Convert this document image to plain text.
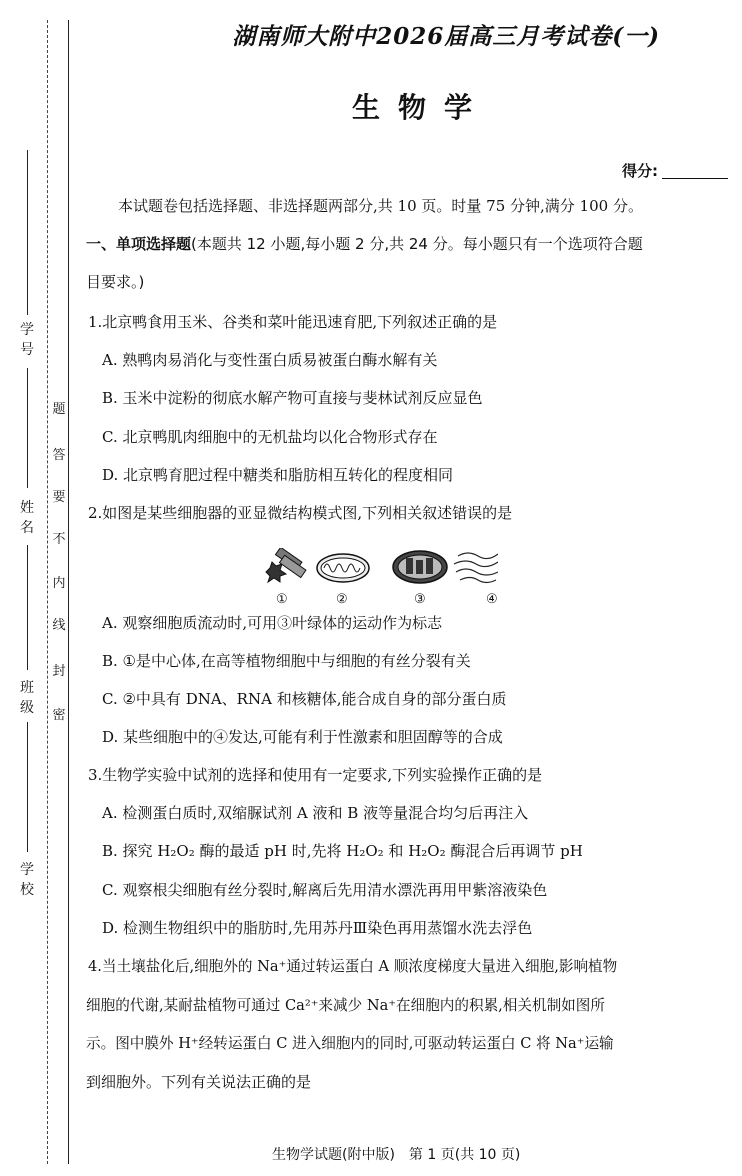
学号
姓名
班级
学校
题
答
要
不
内
线
封
密
湖南师大附中2026届高三月考试卷(一)
生物学
得分:
本试题卷包括选择题、非选择题两部分,共 10 页。时量 75 分钟,满分 100 分。
一、单项选择题(本题共 12 小题,每小题 2 分,共 24 分。每小题只有一个选项符合题
目要求。)
1.北京鸭食用玉米、谷类和菜叶能迅速育肥,下列叙述正确的是
A. 熟鸭肉易消化与变性蛋白质易被蛋白酶水解有关
B. 玉米中淀粉的彻底水解产物可直接与斐林试剂反应显色
C. 北京鸭肌肉细胞中的无机盐均以化合物形式存在
D. 北京鸭育肥过程中糖类和脂肪相互转化的程度相同
2.如图是某些细胞器的亚显微结构模式图,下列相关叙述错误的是
①	②	③	④
A. 观察细胞质流动时,可用③叶绿体的运动作为标志
B. ①是中心体,在高等植物细胞中与细胞的有丝分裂有关
C. ②中具有 DNA、RNA 和核糖体,能合成自身的部分蛋白质
D. 某些细胞中的④发达,可能有利于性激素和胆固醇等的合成
3.生物学实验中试剂的选择和使用有一定要求,下列实验操作正确的是
A. 检测蛋白质时,双缩脲试剂 A 液和 B 液等量混合均匀后再注入
B. 探究 H₂O₂ 酶的最适 pH 时,先将 H₂O₂ 和 H₂O₂ 酶混合后再调节 pH
C. 观察根尖细胞有丝分裂时,解离后先用清水漂洗再用甲紫溶液染色
D. 检测生物组织中的脂肪时,先用苏丹Ⅲ染色再用蒸馏水洗去浮色
4.当土壤盐化后,细胞外的 Na⁺通过转运蛋白 A 顺浓度梯度大量进入细胞,影响植物
细胞的代谢,某耐盐植物可通过 Ca²⁺来减少 Na⁺在细胞内的积累,相关机制如图所
示。图中膜外 H⁺经转运蛋白 C 进入细胞内的同时,可驱动转运蛋白 C 将 Na⁺运输
到细胞外。下列有关说法正确的是
生物学试题(附中版)　第 1 页(共 10 页)
